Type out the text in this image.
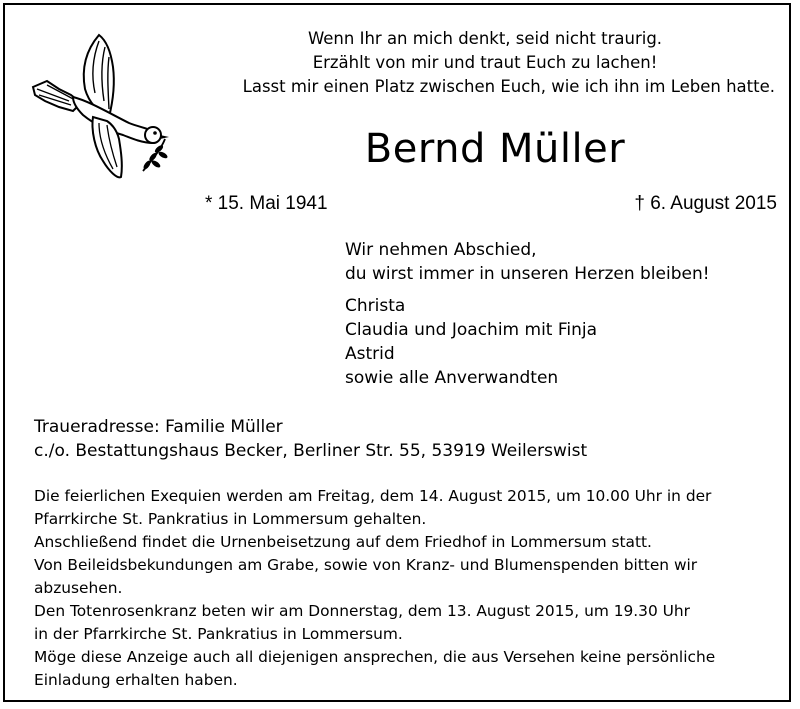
Wenn Ihr an mich denkt, seid nicht traurig.
Erzählt von mir und traut Euch zu lachen!
Lasst mir einen Platz zwischen Euch, wie ich ihn im Leben hatte.
Bernd Müller
* 15. Mai 1941	† 6. August 2015
Wir nehmen Abschied,
du wirst immer in unseren Herzen bleiben!
Christa
Claudia und Joachim mit Finja
Astrid
sowie alle Anverwandten
Traueradresse: Familie Müller
c./o. Bestattungshaus Becker, Berliner Str. 55, 53919 Weilerswist
Die feierlichen Exequien werden am Freitag, dem 14. August 2015, um 10.00 Uhr in der
Pfarrkirche St. Pankratius in Lommersum gehalten.
Anschließend findet die Urnenbeisetzung auf dem Friedhof in Lommersum statt.
Von Beileidsbekundungen am Grabe, sowie von Kranz- und Blumenspenden bitten wir
abzusehen.
Den Totenrosenkranz beten wir am Donnerstag, dem 13. August 2015, um 19.30 Uhr
in der Pfarrkirche St. Pankratius in Lommersum.
Möge diese Anzeige auch all diejenigen ansprechen, die aus Versehen keine persönliche
Einladung erhalten haben.
